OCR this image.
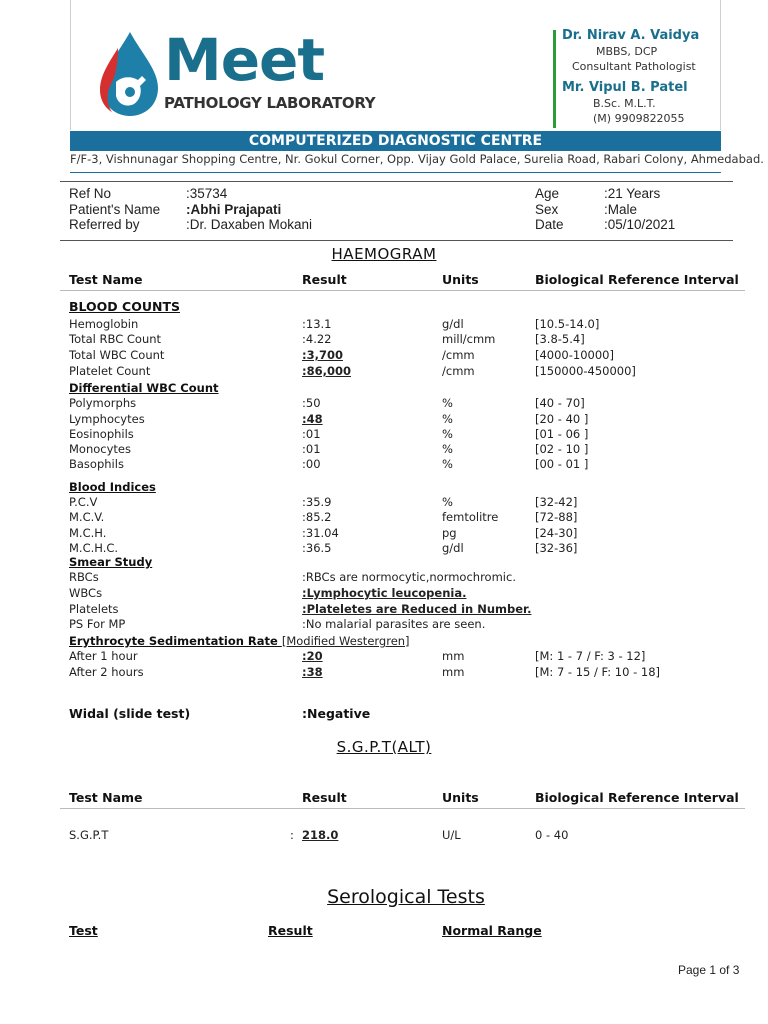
Meet
PATHOLOGY LABORATORY
Dr. Nirav A. Vaidya
MBBS, DCP
Consultant Pathologist
Mr. Vipul B. Patel
B.Sc. M.L.T.
(M) 9909822055
COMPUTERIZED DIAGNOSTIC CENTRE
F/F-3, Vishnunagar Shopping Centre, Nr. Gokul Corner, Opp. Vijay Gold Palace, Surelia Road, Rabari Colony, Ahmedabad.
Ref No	:35734
Patient's Name :Abhi Prajapati
Referred by	:Dr. Daxaben Mokani
Age	:21 Years
Sex	:Male
Date	:05/10/2021
HAEMOGRAM
Test Name	Result	Units	Biological Reference Interval
BLOOD COUNTS
Hemoglobin	:13.1	g/dl	[10.5-14.0]
Total RBC Count	:4.22	mill/cmm	[3.8-5.4]
Total WBC Count	:3,700	/cmm	[4000-10000]
Platelet Count	:86,000	/cmm	[150000-450000]
Differential WBC Count
Polymorphs	:50	%	[40 - 70]
Lymphocytes	:48	%	[20 - 40 ]
Eosinophils	:01	%	[01 - 06 ]
Monocytes	:01	%	[02 - 10 ]
Basophils	:00	%	[00 - 01 ]
Blood Indices
P.C.V	:35.9	%	[32-42]
M.C.V.	:85.2	femtolitre	[72-88]
M.C.H.	:31.04	pg	[24-30]
M.C.H.C.	:36.5	g/dl	[32-36]
Smear Study
RBCs	:RBCs are normocytic,normochromic.
WBCs	:Lymphocytic leucopenia.
Platelets	:Plateletes are Reduced in Number.
PS For MP	:No malarial parasites are seen.
Erythrocyte Sedimentation Rate [Modified Westergren]
After 1 hour	:20	mm	[M: 1 - 7 / F: 3 - 12]
After 2 hours	:38	mm	[M: 7 - 15 / F: 10 - 18]
Widal (slide test)	:Negative
S.G.P.T(ALT)
Test Name	Result	Units	Biological Reference Interval
S.G.P.T	: 218.0	U/L	0 - 40
Serological Tests
Test	Result	Normal Range
Page 1 of 3
